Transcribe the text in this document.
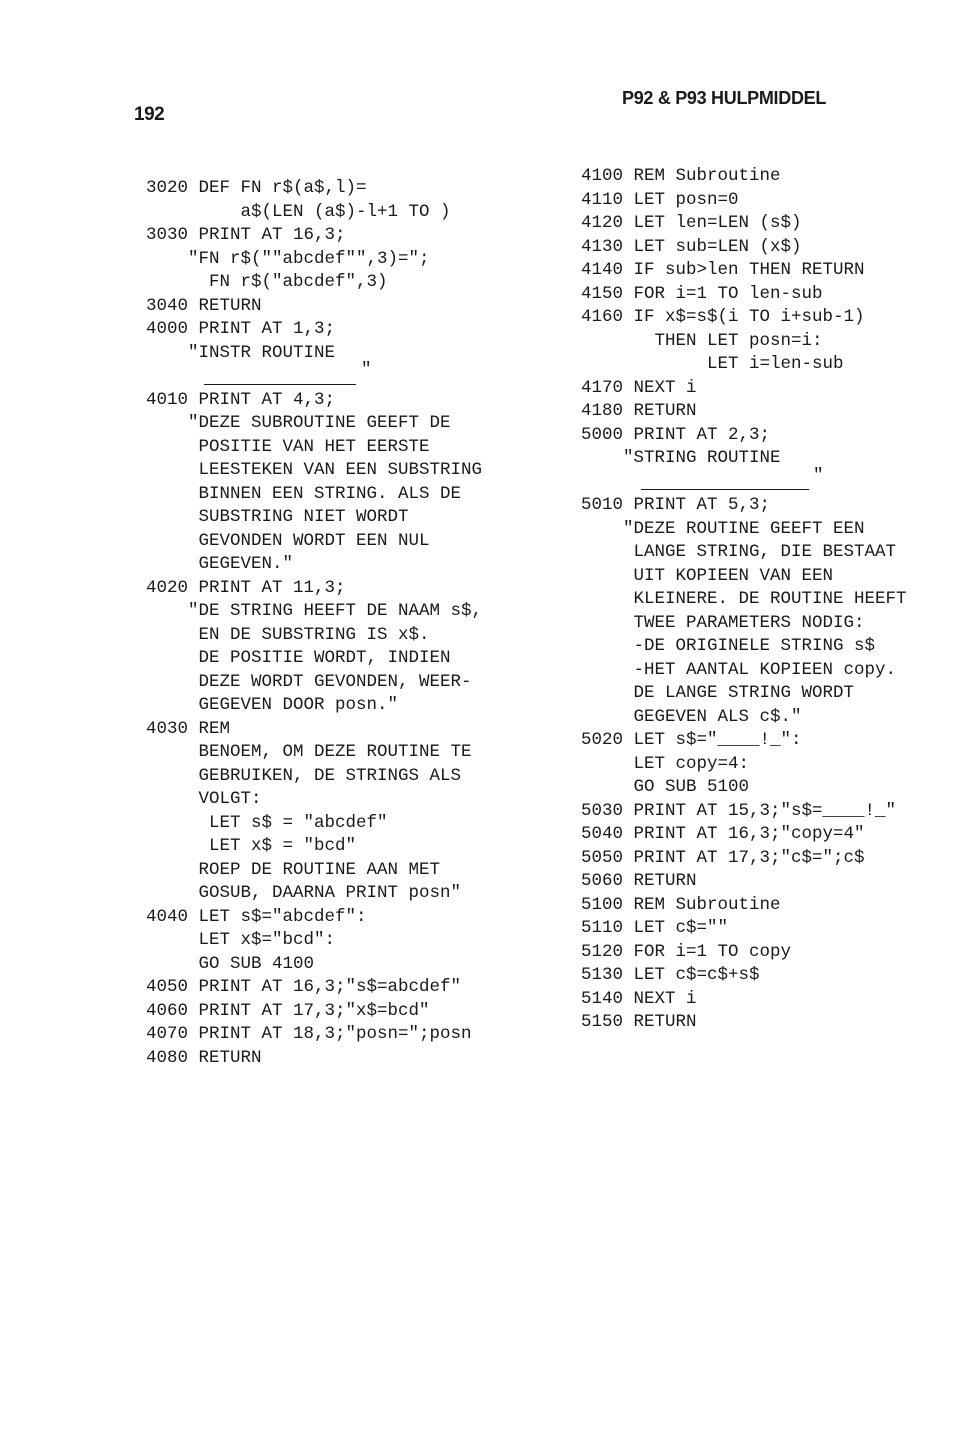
192
P92 & P93 HULPMIDDEL
3020 DEF FN r$(a$,l)=
a$(LEN (a$)-l+1 TO )
3030 PRINT AT 16,3;
"FN r$(""abcdef"",3)=";
FN r$("abcdef",3)
3040 RETURN
4000 PRINT AT 1,3;
"INSTR ROUTINE
"
4010 PRINT AT 4,3;
"DEZE SUBROUTINE GEEFT DE
POSITIE VAN HET EERSTE
LEESTEKEN VAN EEN SUBSTRING
BINNEN EEN STRING. ALS DE
SUBSTRING NIET WORDT
GEVONDEN WORDT EEN NUL
GEGEVEN."
4020 PRINT AT 11,3;
"DE STRING HEEFT DE NAAM s$,
EN DE SUBSTRING IS x$.
DE POSITIE WORDT, INDIEN
DEZE WORDT GEVONDEN, WEER-
GEGEVEN DOOR posn."
4030 REM
BENOEM, OM DEZE ROUTINE TE
GEBRUIKEN, DE STRINGS ALS
VOLGT:
LET s$ = "abcdef"
LET x$ = "bcd"
ROEP DE ROUTINE AAN MET
GOSUB, DAARNA PRINT posn"
4040 LET s$="abcdef":
LET x$="bcd":
GO SUB 4100
4050 PRINT AT 16,3;"s$=abcdef"
4060 PRINT AT 17,3;"x$=bcd"
4070 PRINT AT 18,3;"posn=";posn
4080 RETURN
4100 REM Subroutine
4110 LET posn=0
4120 LET len=LEN (s$)
4130 LET sub=LEN (x$)
4140 IF sub>len THEN RETURN
4150 FOR i=1 TO len-sub
4160 IF x$=s$(i TO i+sub-1)
THEN LET posn=i:
LET i=len-sub
4170 NEXT i
4180 RETURN
5000 PRINT AT 2,3;
"STRING ROUTINE
"
5010 PRINT AT 5,3;
"DEZE ROUTINE GEEFT EEN
LANGE STRING, DIE BESTAAT
UIT KOPIEEN VAN EEN
KLEINERE. DE ROUTINE HEEFT
TWEE PARAMETERS NODIG:
-DE ORIGINELE STRING s$
-HET AANTAL KOPIEEN copy.
DE LANGE STRING WORDT
GEGEVEN ALS c$."
5020 LET s$="____!_":
LET copy=4:
GO SUB 5100
5030 PRINT AT 15,3;"s$=____!_"
5040 PRINT AT 16,3;"copy=4"
5050 PRINT AT 17,3;"c$=";c$
5060 RETURN
5100 REM Subroutine
5110 LET c$=""
5120 FOR i=1 TO copy
5130 LET c$=c$+s$
5140 NEXT i
5150 RETURN
